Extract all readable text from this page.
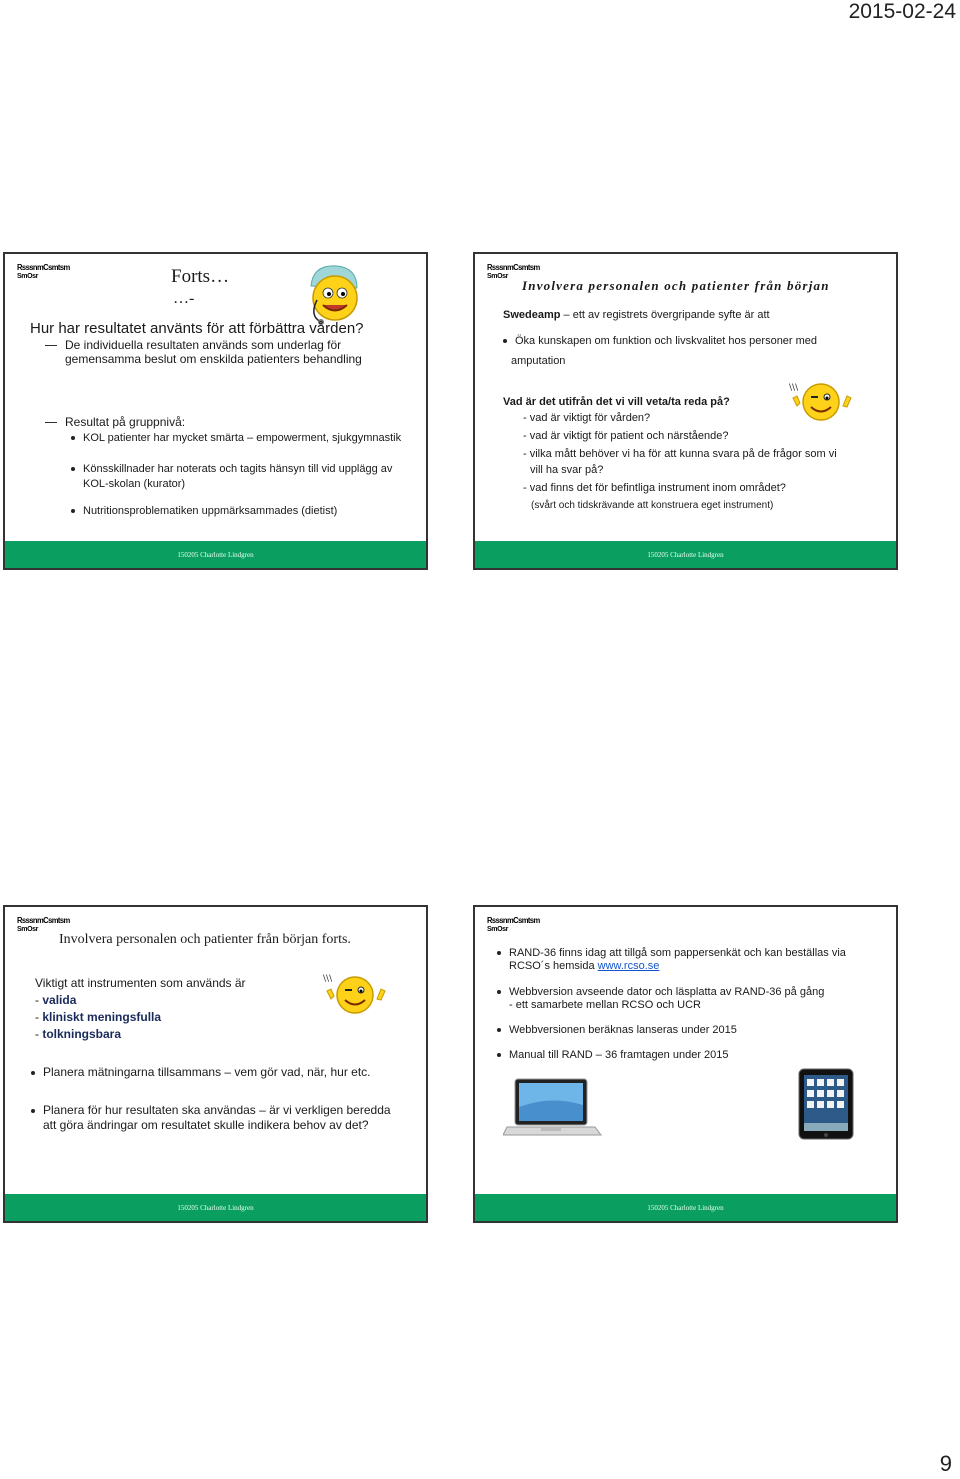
2015-02-24
RsssnmCsmtsm
SmOsr	Forts…
…-
Hur har resultatet använts för att förbättra vården?
De individuella resultaten används som underlag för
gemensamma beslut om enskilda patienters behandling
Resultat på gruppnivå:
KOL patienter har mycket smärta – empowerment, sjukgymnastik
Könsskillnader har noterats och tagits hänsyn till vid upplägg av
KOL-skolan (kurator)
Nutritionsproblematiken uppmärksammades (dietist)
150205 Charlotte Lindgren
RsssnmCsmtsm
SmOsr
Involvera personalen och patienter från början
Swedeamp – ett av registrets övergripande syfte är att
Öka kunskapen om funktion och livskvalitet hos personer med
amputation
\\\
Vad är det utifrån det vi vill veta/ta reda på?
- vad är viktigt för vården?
- vad är viktigt för patient och närstående?
- vilka mått behöver vi ha för att kunna svara på de frågor som vi
vill ha svar på?
- vad finns det för befintliga instrument inom området?
(svårt och tidskrävande att konstruera eget instrument)
150205 Charlotte Lindgren
RsssnmCsmtsm
SmOsr
Involvera personalen och patienter från början forts.
Viktigt att instrumenten som används är
- valida
- kliniskt meningsfulla
- tolkningsbara
\\\
Planera mätningarna tillsammans – vem gör vad, när, hur etc.
Planera för hur resultaten ska användas – är vi verkligen beredda
att göra ändringar om resultatet skulle indikera behov av det?
150205 Charlotte Lindgren
RsssnmCsmtsm
SmOsr
RAND-36 finns idag att tillgå som pappersenkät och kan beställas via
RCSO´s hemsida www.rcso.se
Webbversion avseende dator och läsplatta av RAND-36 på gång
- ett samarbete mellan RCSO och UCR
Webbversionen beräknas lanseras under 2015
Manual till RAND – 36 framtagen under 2015
150205 Charlotte Lindgren
9
